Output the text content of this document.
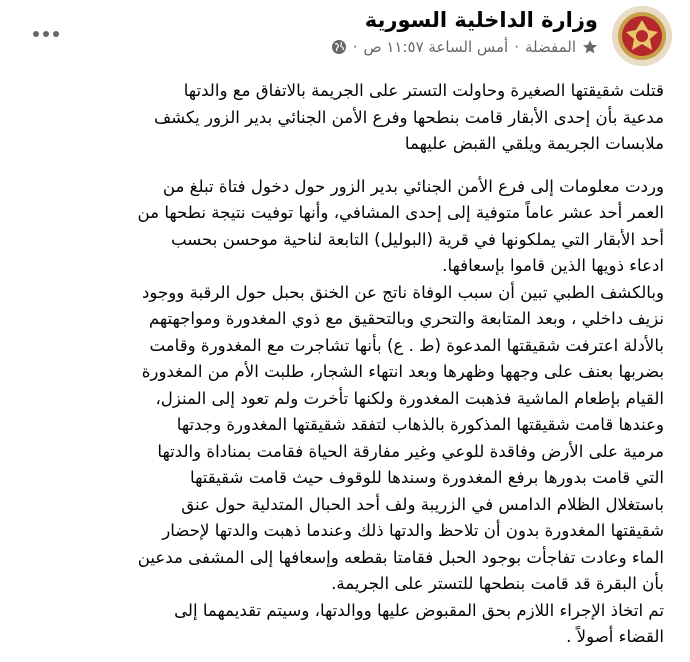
وزارة الداخلية السورية
المفضلة
·
أمس الساعة ١١:٥٧ ص
·

قتلت شقيقتها الصغيرة وحاولت التستر على الجريمة بالاتفاق مع والدتها
مدعية بأن إحدى الأبقار قامت بنطحها وفرع الأمن الجنائي بدير الزور يكشف
ملابسات الجريمة ويلقي القبض عليهما

وردت معلومات إلى فرع الأمن الجنائي بدير الزور حول دخول فتاة تبلغ من
العمر أحد عشر عاماً متوفية إلى إحدى المشافي، وأنها توفيت نتيجة نطحها من
أحد الأبقار التي يملكونها في قرية (البوليل) التابعة لناحية موحسن بحسب
ادعاء ذويها الذين قاموا بإسعافها.
وبالكشف الطبي تبين أن سبب الوفاة ناتج عن الخنق بحبل حول الرقبة ووجود
نزيف داخلي ، وبعد المتابعة والتحري وبالتحقيق مع ذوي المغدورة ومواجهتهم
بالأدلة اعترفت شقيقتها المدعوة (ط . ع) بأنها تشاجرت مع المغدورة وقامت
بضربها بعنف على وجهها وظهرها وبعد انتهاء الشجار، طلبت الأم من المغدورة
القيام بإطعام الماشية فذهبت المغدورة ولكنها تأخرت ولم تعود إلى المنزل،
وعندها قامت شقيقتها المذكورة بالذهاب لتفقد شقيقتها المغدورة وجدتها
مرمية على الأرض وفاقدة للوعي وغير مفارقة الحياة فقامت بمناداة والدتها
التي قامت بدورها برفع المغدورة وسندها للوقوف حيث قامت شقيقتها
باستغلال الظلام الدامس في الزريبة ولف أحد الحبال المتدلية حول عنق
شقيقتها المغدورة بدون أن تلاحظ والدتها ذلك وعندما ذهبت والدتها لإحضار
الماء وعادت تفاجأت بوجود الحبل فقامتا بقطعه وإسعافها إلى المشفى مدعين
بأن البقرة قد قامت بنطحها للتستر على الجريمة.
تم اتخاذ الإجراء اللازم بحق المقبوض عليها ووالدتها، وسيتم تقديمهما إلى
القضاء أصولاً .
